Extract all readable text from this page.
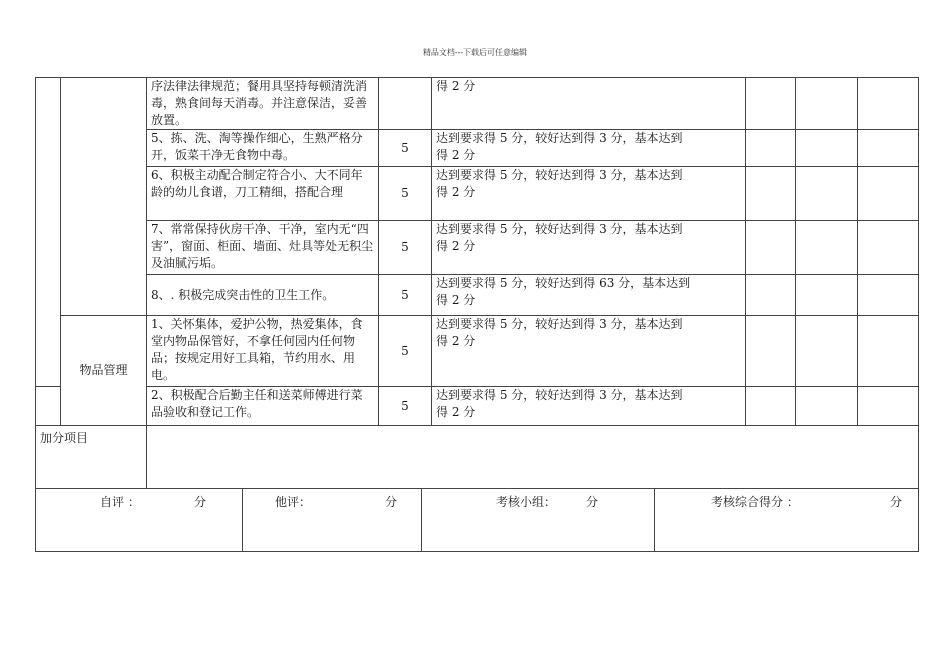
精品文档---下载后可任意编辑
		序法律法律规范；餐用具坚持每顿清洗消毒，熟食间每天消毒。并注意保洁，妥善放置。		得 2 分			
		5、拣、洗、淘等操作细心，生熟严格分开，饭菜干净无食物中毒。	5	达到要求得 5 分，较好达到得 3 分，基本达到
得 2 分			

		6、积极主动配合制定符合小、大不同年龄的幼儿食谱，刀工精细，搭配合理	5	达到要求得 5 分，较好达到得 3 分，基本达到
得 2 分			

		7、常常保持伙房干净、干净，室内无“四害”，窗面、柜面、墙面、灶具等处无积尘及油腻污垢。	5	达到要求得 5 分，较好达到得 3 分，基本达到
得 2 分			

		8、. 积极完成突击性的卫生工作。	5	达到要求得 5 分，较好达到得 63 分，基本达到
得 2 分			

	物品管理	1、关怀集体，爱护公物，热爱集体，食堂内物品保管好，不拿任何园内任何物品；按规定用好工具箱，节约用水、用电。	5	达到要求得 5 分，较好达到得 3 分，基本达到
得 2 分			

		2、积极配合后勤主任和送菜师傅进行菜品验收和登记工作。	5	达到要求得 5 分，较好达到得 3 分，基本达到
得 2 分			

加分项目							
自评 ：	分	他评：	分	考核小组： 分	考核综合得分 ：	分
